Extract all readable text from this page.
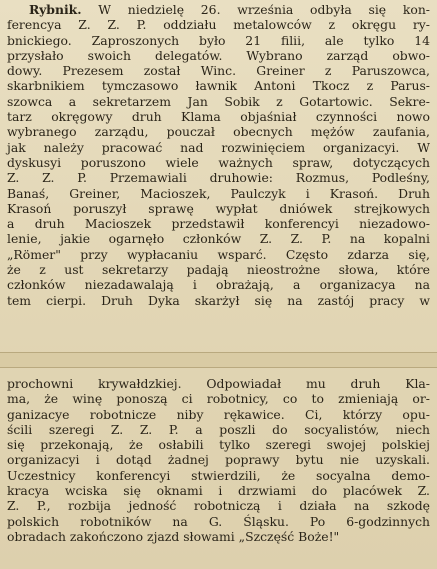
Rybnik. W niedzielę 26. września odbyła się kon-
ferencya Z. Z. P. oddziału metalowców z okręgu ry-
bnickiego. Zaproszonych było 21 filii, ale tylko 14
przysłało swoich delegatów. Wybrano zarząd obwo-
dowy. Prezesem został Winc. Greiner z Paruszowca,
skarbnikiem tymczasowo ławnik Antoni Tkocz z Parus-
szowca a sekretarzem Jan Sobik z Gotartowic. Sekre-
tarz okręgowy druh Klama objaśniał czynności nowo
wybranego zarządu, pouczał obecnych mężów zaufania,
jak należy pracować nad rozwinięciem organizacyi. W
dyskusyi poruszono wiele ważnych spraw, dotyczących
Z. Z. P. Przemawiali druhowie: Rozmus, Podleśny,
Banaś, Greiner, Macioszek, Paulczyk i Krasoń. Druh
Krasoń poruszył sprawę wypłat dniówek strejkowych
a druh Macioszek przedstawił konferencyi niezadowo-
lenie, jakie ogarnęło członków Z. Z. P. na kopalni
„Römer" przy wypłacaniu wsparć. Często zdarza się,
że z ust sekretarzy padają nieostrożne słowa, które
członków niezadawalają i obrażają, a organizacya na
tem cierpi. Druh Dyka skarżył się na zastój pracy w
prochowni krywałdzkiej. Odpowiadał mu druh Kla-
ma, że winę ponoszą ci robotnicy, co to zmieniają or-
ganizacye robotnicze niby rękawice. Ci, którzy opu-
ścili szeregi Z. Z. P. a poszli do socyalistów, niech
się przekonają, że osłabili tylko szeregi swojej polskiej
organizacyi i dotąd żadnej poprawy bytu nie uzyskali.
Uczestnicy konferencyi stwierdzili, że socyalna demo-
kracya wciska się oknami i drzwiami do placówek Z.
Z. P., rozbija jedność robotniczą i działa na szkodę
polskich robotników na G. Śląsku. Po 6-godzinnych
obradach zakończono zjazd słowami „Szczęść Boże!"
